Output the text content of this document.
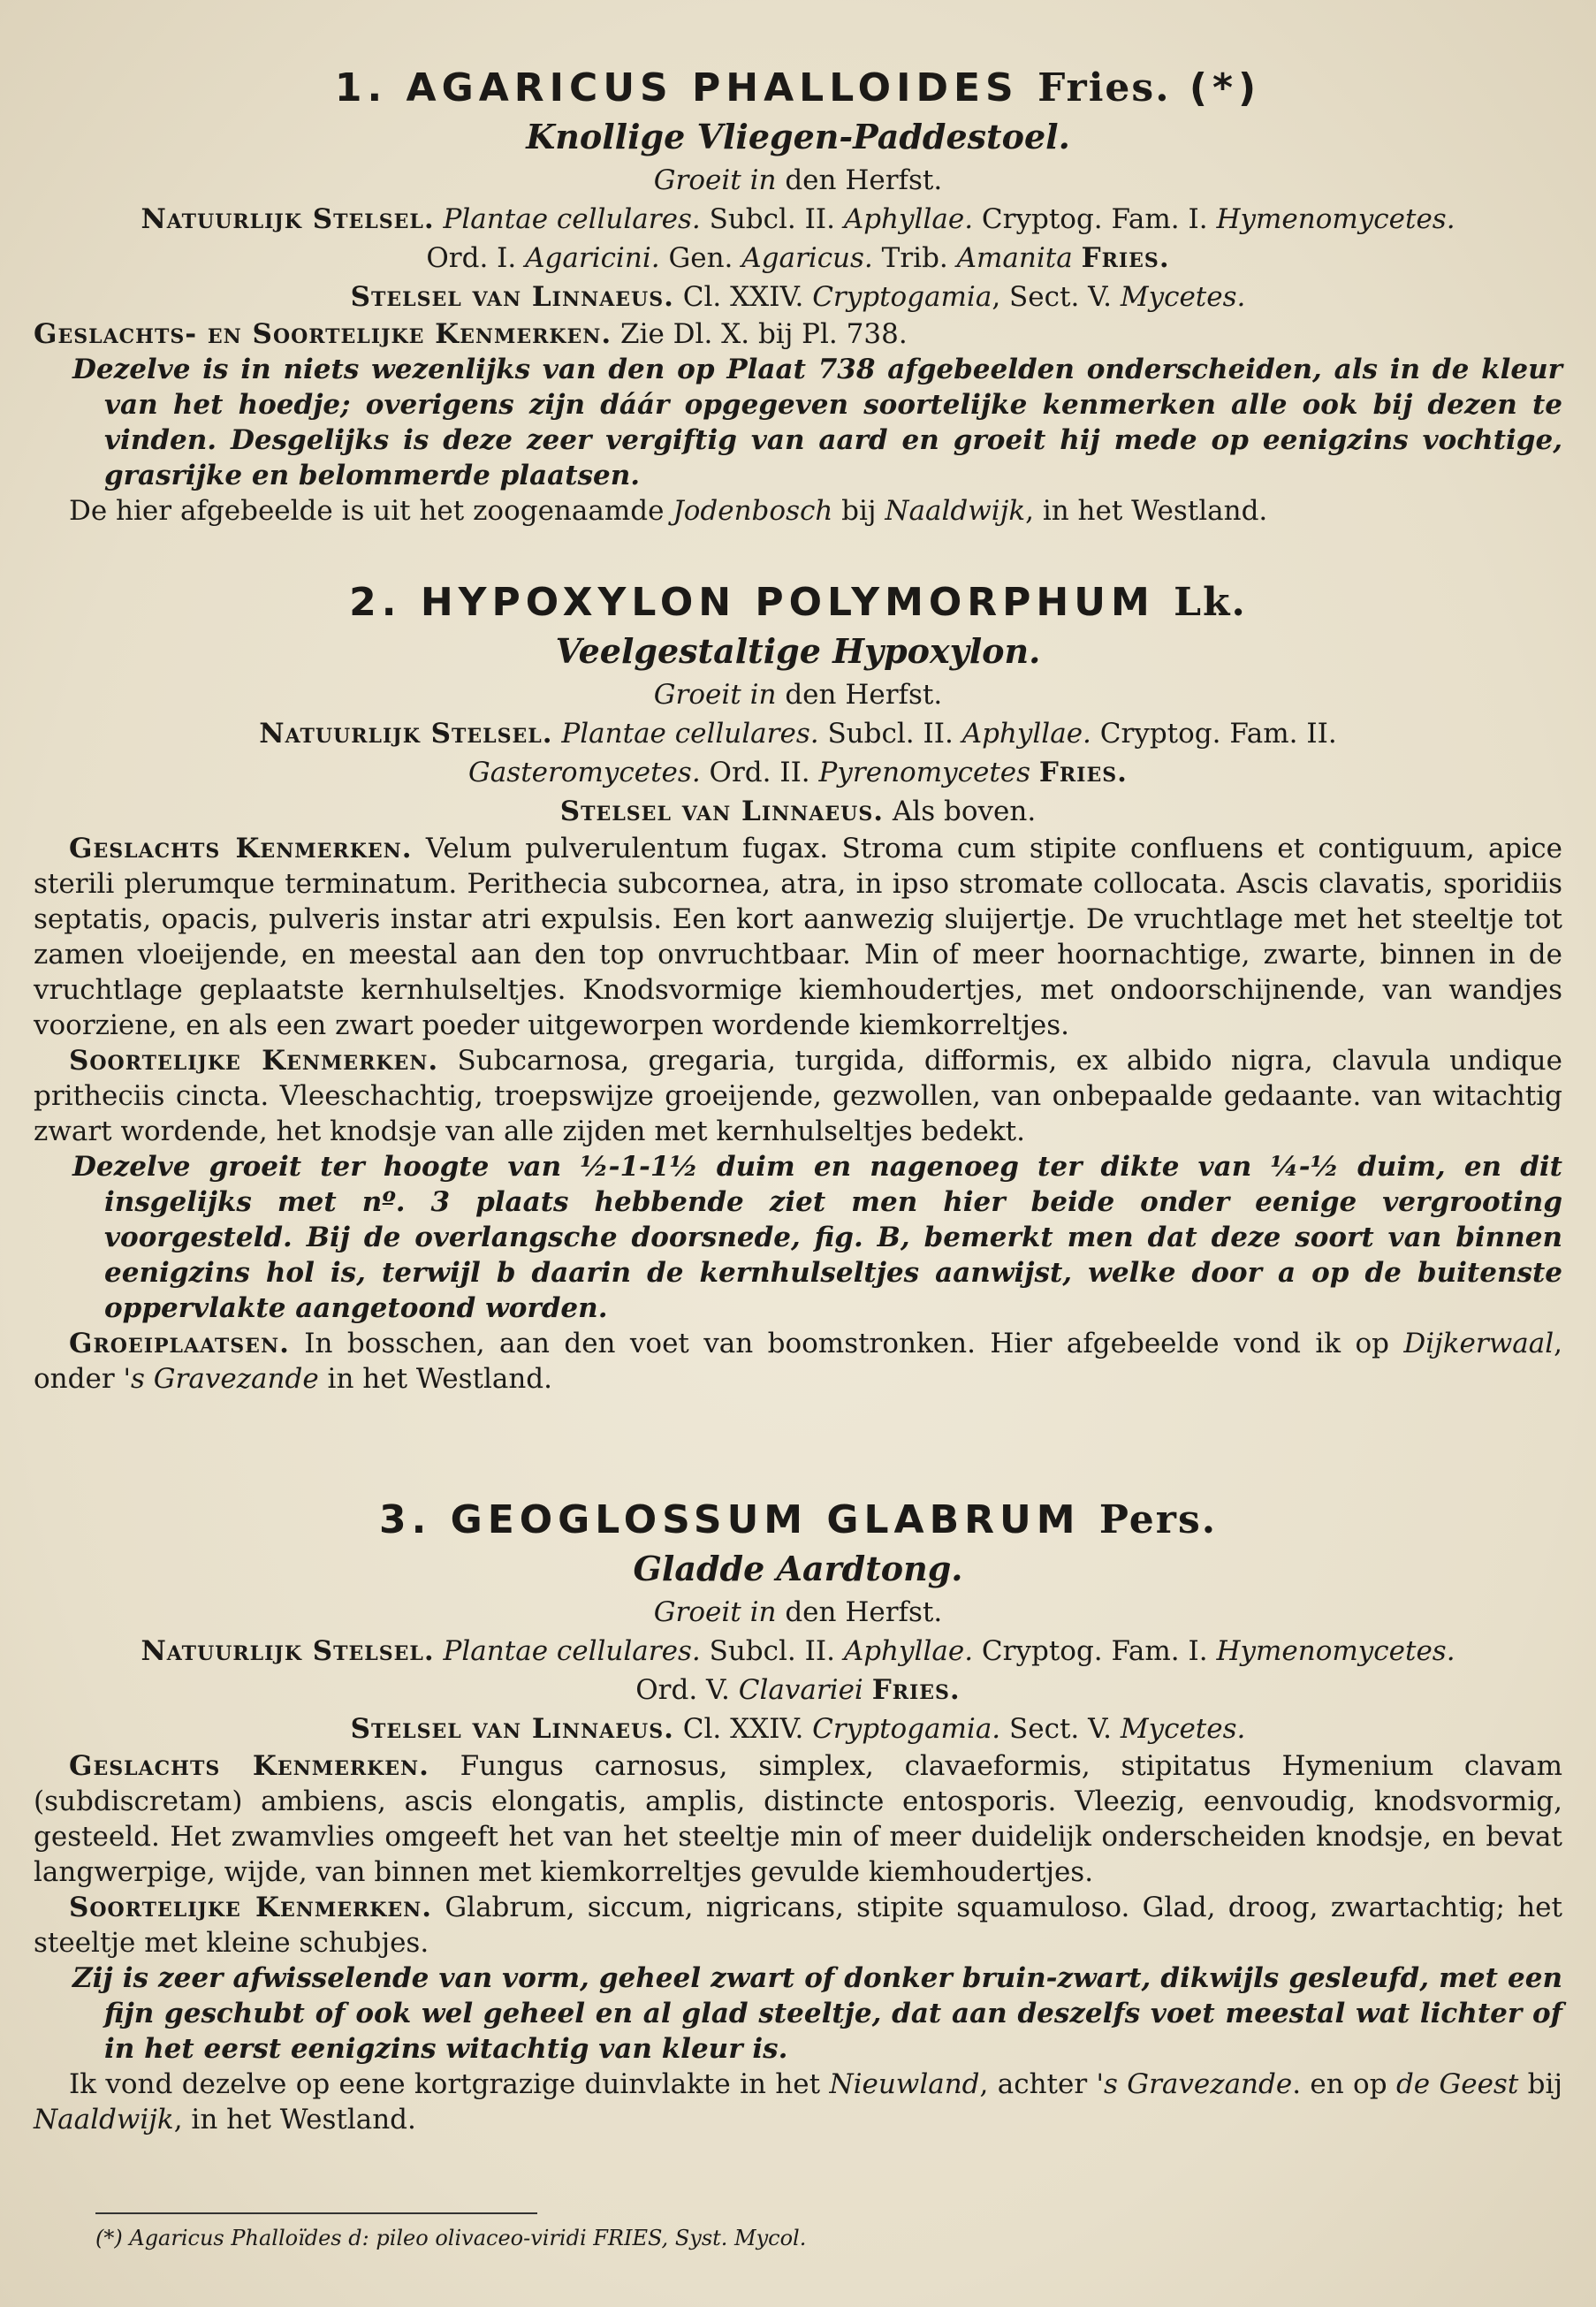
1. AGARICUS PHALLOIDES Fries. (*)
Knollige Vliegen-Paddestoel.
Groeit in den Herfst.
Natuurlijk Stelsel. Plantae cellulares. Subcl. II. Aphyllae. Cryptog. Fam. I. Hymenomycetes.
Ord. I. Agaricini. Gen. Agaricus. Trib. Amanita Fries.
Stelsel van Linnaeus. Cl. XXIV. Cryptogamia, Sect. V. Mycetes.

Geslachts- en Soortelijke Kenmerken. Zie Dl. X. bij Pl. 738.

Dezelve is in niets wezenlijks van den op Plaat 738 afgebeelden onderscheiden, als in de kleur van het hoedje; overigens zijn dáár opgegeven soortelijke kenmerken alle ook bij dezen te vinden. Desgelijks is deze zeer vergiftig van aard en groeit hij mede op eenigzins vochtige, grasrijke en belommerde plaatsen.

De hier afgebeelde is uit het zoogenaamde Jodenbosch bij Naaldwijk, in het Westland.

2. HYPOXYLON POLYMORPHUM Lk.
Veelgestaltige Hypoxylon.
Groeit in den Herfst.
Natuurlijk Stelsel. Plantae cellulares. Subcl. II. Aphyllae. Cryptog. Fam. II.
Gasteromycetes. Ord. II. Pyrenomycetes Fries.
Stelsel van Linnaeus. Als boven.

Geslachts Kenmerken. Velum pulverulentum fugax. Stroma cum stipite confluens et contiguum, apice sterili plerumque terminatum. Perithecia subcornea, atra, in ipso stromate collocata. Ascis clavatis, sporidiis septatis, opacis, pulveris instar atri expulsis. Een kort aanwezig sluijertje. De vruchtlage met het steeltje tot zamen vloeijende, en meestal aan den top onvruchtbaar. Min of meer hoornachtige, zwarte, binnen in de vruchtlage geplaatste kernhulseltjes. Knodsvormige kiemhoudertjes, met ondoorschijnende, van wandjes voorziene, en als een zwart poeder uitgeworpen wordende kiemkorreltjes.

Soortelijke Kenmerken. Subcarnosa, gregaria, turgida, difformis, ex albido nigra, clavula undique pritheciis cincta. Vleeschachtig, troepswijze groeijende, gezwollen, van onbepaalde gedaante. van witachtig zwart wordende, het knodsje van alle zijden met kernhulseltjes bedekt.

Dezelve groeit ter hoogte van ½-1-1½ duim en nagenoeg ter dikte van ¼-½ duim, en dit insgelijks met nº. 3 plaats hebbende ziet men hier beide onder eenige vergrooting voorgesteld. Bij de overlangsche doorsnede, fig. B, bemerkt men dat deze soort van binnen eenigzins hol is, terwijl b daarin de kernhulseltjes aanwijst, welke door a op de buitenste oppervlakte aangetoond worden.

Groeiplaatsen. In bosschen, aan den voet van boomstronken. Hier afgebeelde vond ik op Dijkerwaal, onder 's Gravezande in het Westland.

3. GEOGLOSSUM GLABRUM Pers.
Gladde Aardtong.
Groeit in den Herfst.
Natuurlijk Stelsel. Plantae cellulares. Subcl. II. Aphyllae. Cryptog. Fam. I. Hymenomycetes.
Ord. V. Clavariei Fries.
Stelsel van Linnaeus. Cl. XXIV. Cryptogamia. Sect. V. Mycetes.

Geslachts Kenmerken. Fungus carnosus, simplex, clavaeformis, stipitatus Hymenium clavam (subdiscretam) ambiens, ascis elongatis, amplis, distincte entosporis. Vleezig, eenvoudig, knodsvormig, gesteeld. Het zwamvlies omgeeft het van het steeltje min of meer duidelijk onderscheiden knodsje, en bevat langwerpige, wijde, van binnen met kiemkorreltjes gevulde kiemhoudertjes.

Soortelijke Kenmerken. Glabrum, siccum, nigricans, stipite squamuloso. Glad, droog, zwartachtig; het steeltje met kleine schubjes.

Zij is zeer afwisselende van vorm, geheel zwart of donker bruin-zwart, dikwijls gesleufd, met een fijn geschubt of ook wel geheel en al glad steeltje, dat aan deszelfs voet meestal wat lichter of in het eerst eenigzins witachtig van kleur is.

Ik vond dezelve op eene kortgrazige duinvlakte in het Nieuwland, achter 's Gravezande. en op de Geest bij Naaldwijk, in het Westland.

(*) Agaricus Phalloïdes d: pileo olivaceo-viridi FRIES, Syst. Mycol.
